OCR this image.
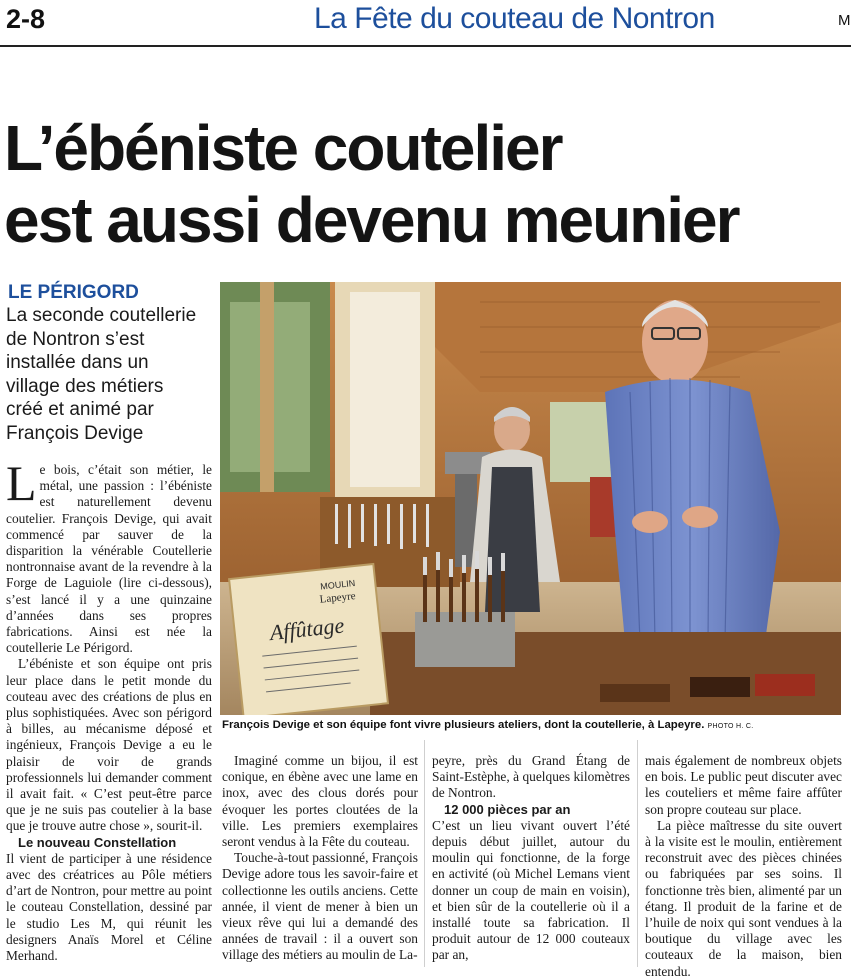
2-8	La Fête du couteau de Nontron	M
L’ébéniste coutelier
est aussi devenu meunier
LE PÉRIGORD
La seconde coutellerie
de Nontron s’est
installée dans un
village des métiers
créé et animé par
François Devige

Le bois, c’était son métier, le métal, une passion : l’ébéniste est naturellement devenu coutelier. François Devige, qui avait commencé par sauver de la disparition la vénérable Coutellerie nontronnaise avant de la revendre à la Forge de Laguiole (lire ci-dessous), s’est lancé il y a une quinzaine d’années dans ses propres fabrications. Ainsi est née la coutellerie Le Périgord.

L’ébéniste et son équipe ont pris leur place dans le petit monde du couteau avec des créations de plus en plus sophistiquées. Avec son périgord à billes, au mécanisme déposé et ingénieux, François Devige a eu le plaisir de voir de grands professionnels lui demander comment il avait fait. « C’est peut-être parce que je ne suis pas coutelier à la base que je trouve autre chose », sourit-il.

Le nouveau Constellation

Il vient de participer à une résidence avec des créatrices au Pôle métiers d’art de Nontron, pour mettre au point le couteau Constellation, dessiné par le studio Les M, qui réunit les designers Anaïs Morel et Céline Merhand.

Affûtage
MOULIN
Lapeyre
François Devige et son équipe font vivre plusieurs ateliers, dont la coutellerie, à Lapeyre. PHOTO H. C.

Imaginé comme un bijou, il est conique, en ébène avec une lame en inox, avec des clous dorés pour évoquer les portes cloutées de la ville. Les premiers exemplaires seront vendus à la Fête du couteau.

Touche-à-tout passionné, François Devige adore tous les savoir-faire et collectionne les outils anciens. Cette année, il vient de mener à bien un vieux rêve qui lui a demandé des années de travail : il a ouvert son village des métiers au moulin de La-

peyre, près du Grand Étang de Saint-Estèphe, à quelques kilomètres de Nontron.

12 000 pièces par an

C’est un lieu vivant ouvert l’été depuis début juillet, autour du moulin qui fonctionne, de la forge en activité (où Michel Lemans vient donner un coup de main en voisin), et bien sûr de la coutellerie où il a installé toute sa fabrication. Il produit autour de 12 000 couteaux par an,

mais également de nombreux objets en bois. Le public peut discuter avec les couteliers et même faire affûter son propre couteau sur place.

La pièce maîtresse du site ouvert à la visite est le moulin, entièrement reconstruit avec des pièces chinées ou fabriquées par ses soins. Il fonctionne très bien, alimenté par un étang. Il produit de la farine et de l’huile de noix qui sont vendues à la boutique du village avec les couteaux de la maison, bien entendu.
